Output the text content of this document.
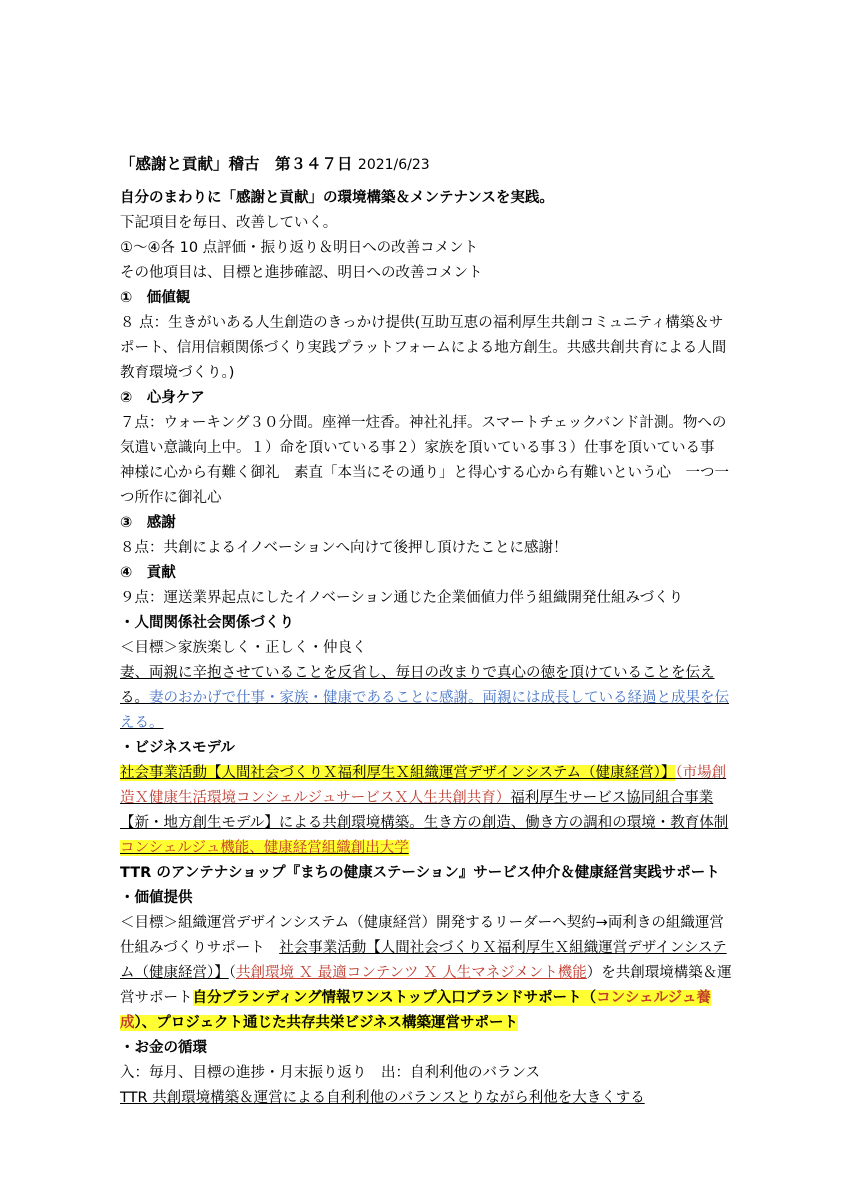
「感謝と貢献」稽古　第３４７日 2021/6/23

自分のまわりに「感謝と貢献」の環境構築＆メンテナンスを実践。

下記項目を毎日、改善していく。

①～④各 10 点評価・振り返り＆明日への改善コメント

その他項目は、目標と進捗確認、明日への改善コメント

①　価値観

８ 点：生きがいある人生創造のきっかけ提供(互助互恵の福利厚生共創コミュニティ構築＆サポート、信用信頼関係づくり実践プラットフォームによる地方創生。共感共創共育による人間教育環境づくり。)

②　心身ケア

７点：ウォーキング３０分間。座禅一炷香。神社礼拝。スマートチェックバンド計測。物への気遣い意識向上中。１）命を頂いている事２）家族を頂いている事３）仕事を頂いている事　神様に心から有難く御礼　素直「本当にその通り」と得心する心から有難いという心　一つ一つ所作に御礼心

③　感謝

８点：共創によるイノベーションへ向けて後押し頂けたことに感謝！

④　貢献

９点：運送業界起点にしたイノベーション通じた企業価値力伴う組織開発仕組みづくり

・人間関係社会関係づくり

＜目標＞家族楽しく・正しく・仲良く

妻、両親に辛抱させていることを反省し、毎日の改まりで真心の徳を頂けていることを伝える。妻のおかげで仕事・家族・健康であることに感謝。両親には成長している経過と成果を伝える。

・ビジネスモデル

社会事業活動【人間社会づくりＸ福利厚生Ｘ組織運営デザインシステム（健康経営）】（市場創造Ｘ健康生活環境コンシェルジュサービスＸ人生共創共育）福利厚生サービス協同組合事業【新・地方創生モデル】による共創環境構築。生き方の創造、働き方の調和の環境・教育体制コンシェルジュ機能、健康経営組織創出大学

TTR のアンテナショップ『まちの健康ステーション』サービス仲介＆健康経営実践サポート

・価値提供

＜目標＞組織運営デザインシステム（健康経営）開発するリーダーへ契約→両利きの組織運営仕組みづくりサポート　 社会事業活動【人間社会づくりＸ福利厚生Ｘ組織運営デザインシステム（健康経営）】（共創環境 Ｘ 最適コンテンツ Ｘ 人生マネジメント機能）を共創環境構築＆運営サポート自分ブランディング情報ワンストップ入口ブランドサポート（コンシェルジュ養成）、プロジェクト通じた共存共栄ビジネス構築運営サポート

・お金の循環

入：毎月、目標の進捗・月末振り返り　出：自利利他のバランス

TTR 共創環境構築＆運営による自利利他のバランスとりながら利他を大きくする
